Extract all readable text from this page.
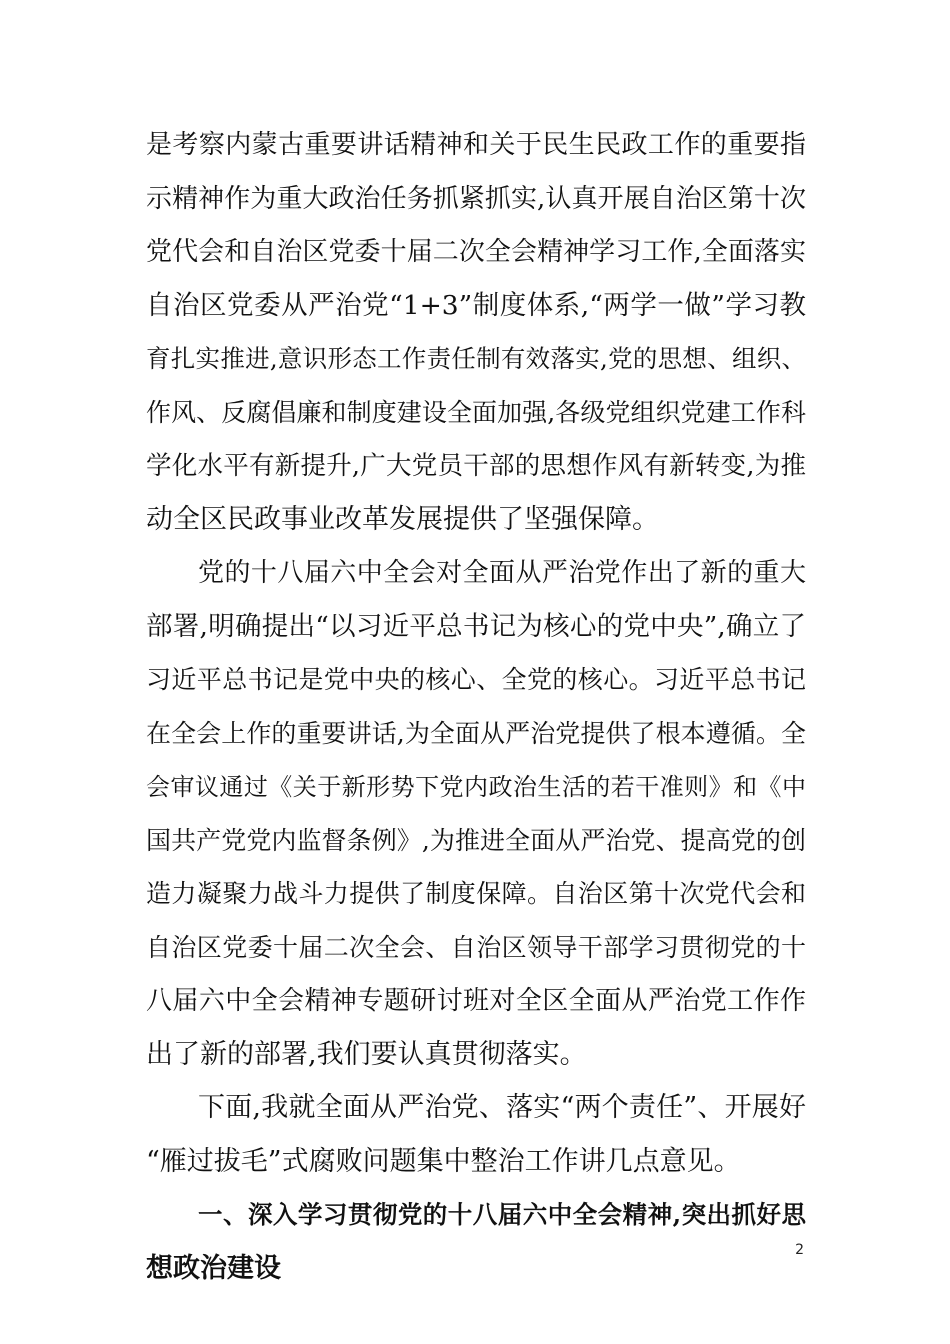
是考察内蒙古重要讲话精神和关于民生民政工作的重要指
示精神作为重大政治任务抓紧抓实,认真开展自治区第十次
党代会和自治区党委十届二次全会精神学习工作,全面落实
自治区党委从严治党“1+3”制度体系,“两学一做”学习教
育扎实推进,意识形态工作责任制有效落实,党的思想、组织、
作风、反腐倡廉和制度建设全面加强,各级党组织党建工作科
学化水平有新提升,广大党员干部的思想作风有新转变,为推
动全区民政事业改革发展提供了坚强保障。
党的十八届六中全会对全面从严治党作出了新的重大
部署,明确提出“以习近平总书记为核心的党中央”,确立了
习近平总书记是党中央的核心、全党的核心。习近平总书记
在全会上作的重要讲话,为全面从严治党提供了根本遵循。全
会审议通过《关于新形势下党内政治生活的若干准则》和《中
国共产党党内监督条例》,为推进全面从严治党、提高党的创
造力凝聚力战斗力提供了制度保障。自治区第十次党代会和
自治区党委十届二次全会、自治区领导干部学习贯彻党的十
八届六中全会精神专题研讨班对全区全面从严治党工作作
出了新的部署,我们要认真贯彻落实。
下面,我就全面从严治党、落实“两个责任”、开展好
“雁过拔毛”式腐败问题集中整治工作讲几点意见。
一、深入学习贯彻党的十八届六中全会精神,突出抓好思
想政治建设
2
